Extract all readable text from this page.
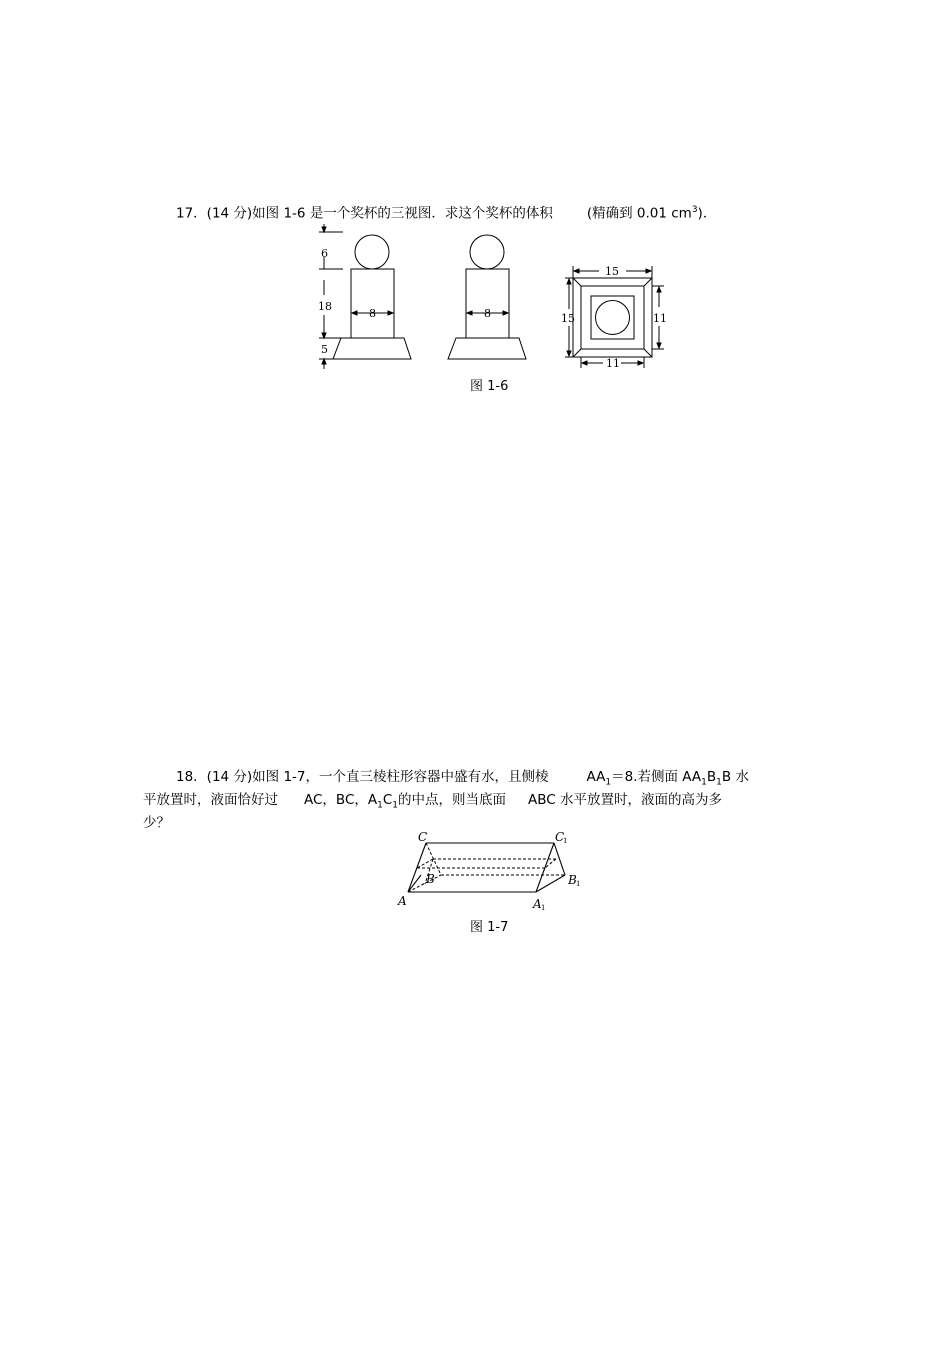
17．(14 分)如图 1-6 是一个奖杯的三视图．求这个奖杯的体积	(精确到 0.01 $cm^3$)．
6
18
5
8	8
15
15	11
11
图 1-6
18．(14 分)如图 1-7，一个直三棱柱形容器中盛有水，且侧棱	$AA_1=8$.若侧面 $AA_1B_1B$ 水
平放置时，液面恰好过 AC，BC，$A_1C_1$的中点，则当底面 ABC 水平放置时，液面的高为多
少？
C	C
B	B
A	A
1
1
1
图 1-7
